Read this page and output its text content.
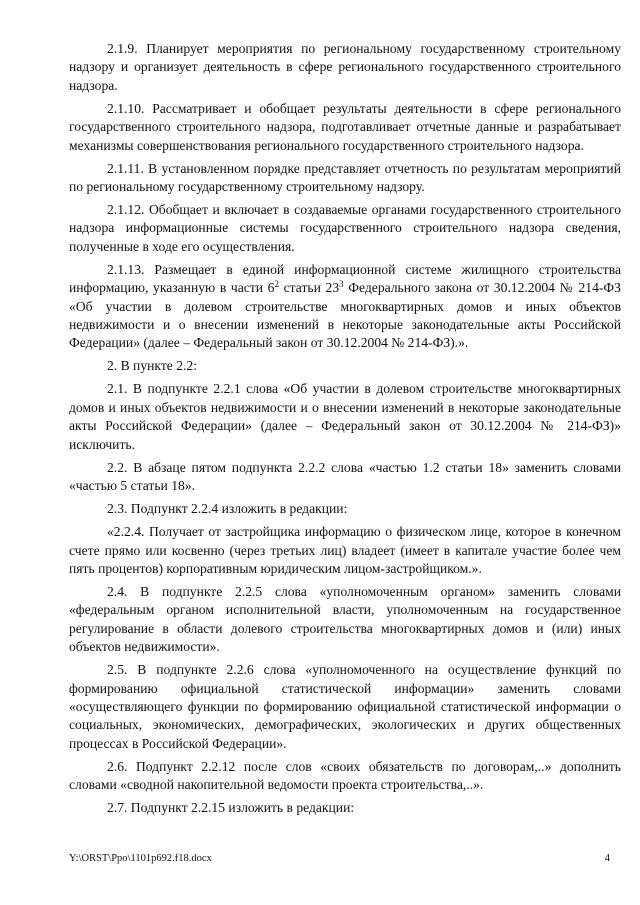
2.1.9. Планирует мероприятия по региональному государственному строительному надзору и организует деятельность в сфере регионального государственного строительного надзора.

2.1.10. Рассматривает и обобщает результаты деятельности в сфере регионального государственного строительного надзора, подготавливает отчетные данные и разрабатывает механизмы совершенствования регионального государственного строительного надзора.

2.1.11. В установленном порядке представляет отчетность по результатам мероприятий по региональному государственному строительному надзору.

2.1.12. Обобщает и включает в создаваемые органами государственного строительного надзора информационные системы государственного строительного надзора сведения, полученные в ходе его осуществления.

2.1.13. Размещает в единой информационной системе жилищного строительства информацию, указанную в части $6^2$ статьи $23^3$ Федерального закона от 30.12.2004 № 214-ФЗ «Об участии в долевом строительстве многоквартирных домов и иных объектов недвижимости и о внесении изменений в некоторые законодательные акты Российской Федерации» (далее – Федеральный закон от 30.12.2004 № 214-ФЗ).».

2. В пункте 2.2:

2.1. В подпункте 2.2.1 слова «Об участии в долевом строительстве многоквартирных домов и иных объектов недвижимости и о внесении изменений в некоторые законодательные акты Российской Федерации» (далее – Федеральный закон от 30.12.2004 № 214-ФЗ)» исключить.

2.2. В абзаце пятом подпункта 2.2.2 слова «частью 1.2 статьи 18» заменить словами «частью 5 статьи 18».

2.3. Подпункт 2.2.4 изложить в редакции:

«2.2.4. Получает от застройщика информацию о физическом лице, которое в конечном счете прямо или косвенно (через третьих лиц) владеет (имеет в капитале участие более чем пять процентов) корпоративным юридическим лицом-застройщиком.».

2.4. В подпункте 2.2.5 слова «уполномоченным органом» заменить словами «федеральным органом исполнительной власти, уполномоченным на государственное регулирование в области долевого строительства многоквартирных домов и (или) иных объектов недвижимости».

2.5. В подпункте 2.2.6 слова «уполномоченного на осуществление функций по формированию официальной статистической информации» заменить словами «осуществляющего функции по формированию официальной статистической информации о социальных, экономических, демографических, экологических и других общественных процессах в Российской Федерации».

2.6. Подпункт 2.2.12 после слов «своих обязательств по договорам,..» дополнить словами «сводной накопительной ведомости проекта строительства,..».

2.7. Подпункт 2.2.15 изложить в редакции:

Y:\ORST\Ppo\1101p692.f18.docx	4
